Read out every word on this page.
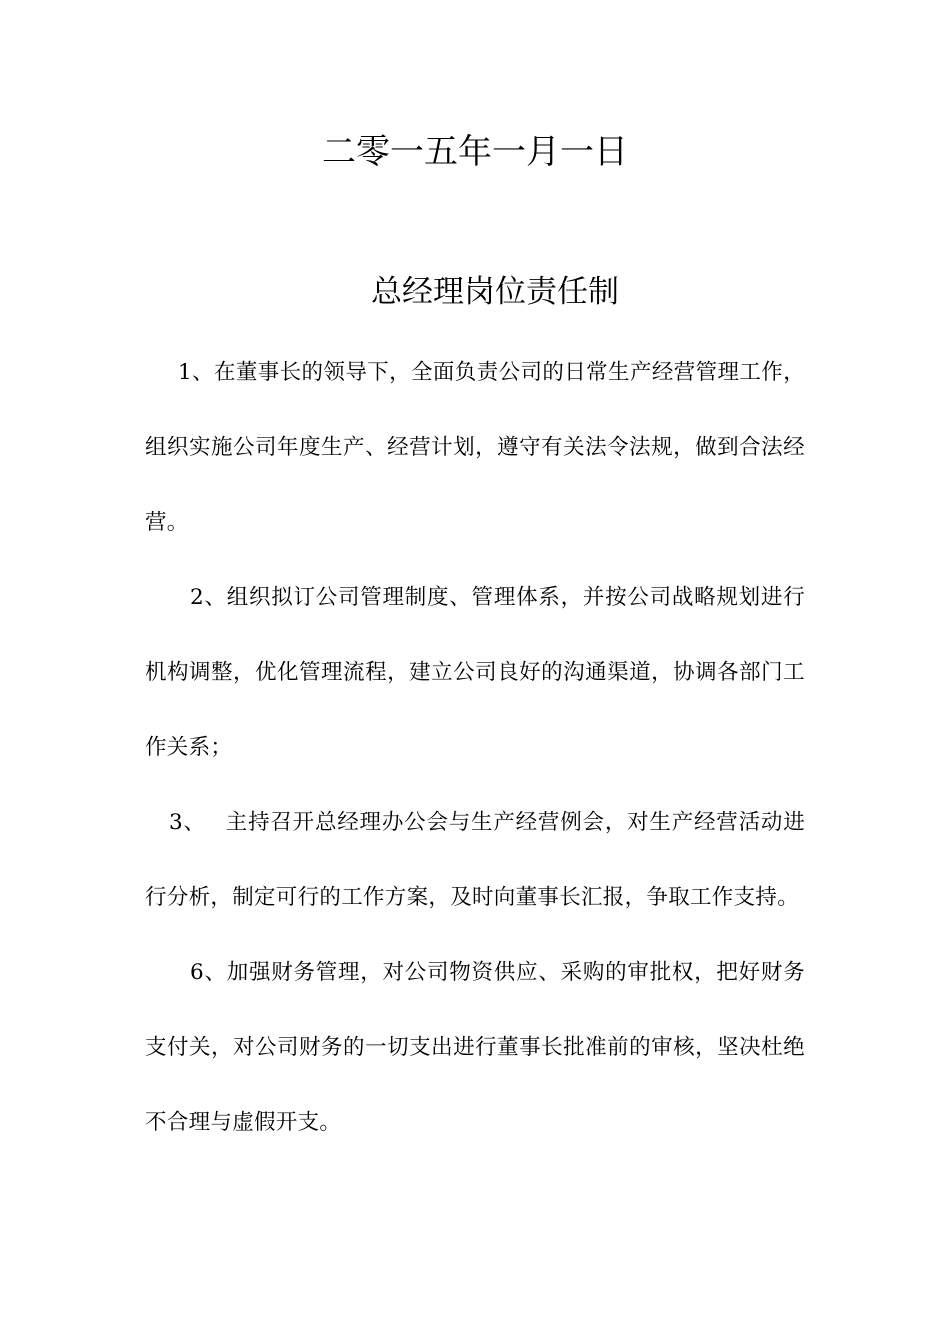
二零一五年一月一日
总经理岗位责任制

1、在董事长的领导下，全面负责公司的日常生产经营管理工作，组织实施公司年度生产、经营计划，遵守有关法令法规，做到合法经营。

2、组织拟订公司管理制度、管理体系，并按公司战略规划进行机构调整，优化管理流程，建立公司良好的沟通渠道，协调各部门工作关系；

3、 主持召开总经理办公会与生产经营例会，对生产经营活动进行分析，制定可行的工作方案，及时向董事长汇报，争取工作支持。

6、加强财务管理，对公司物资供应、采购的审批权，把好财务支付关，对公司财务的一切支出进行董事长批准前的审核，坚决杜绝不合理与虚假开支。
